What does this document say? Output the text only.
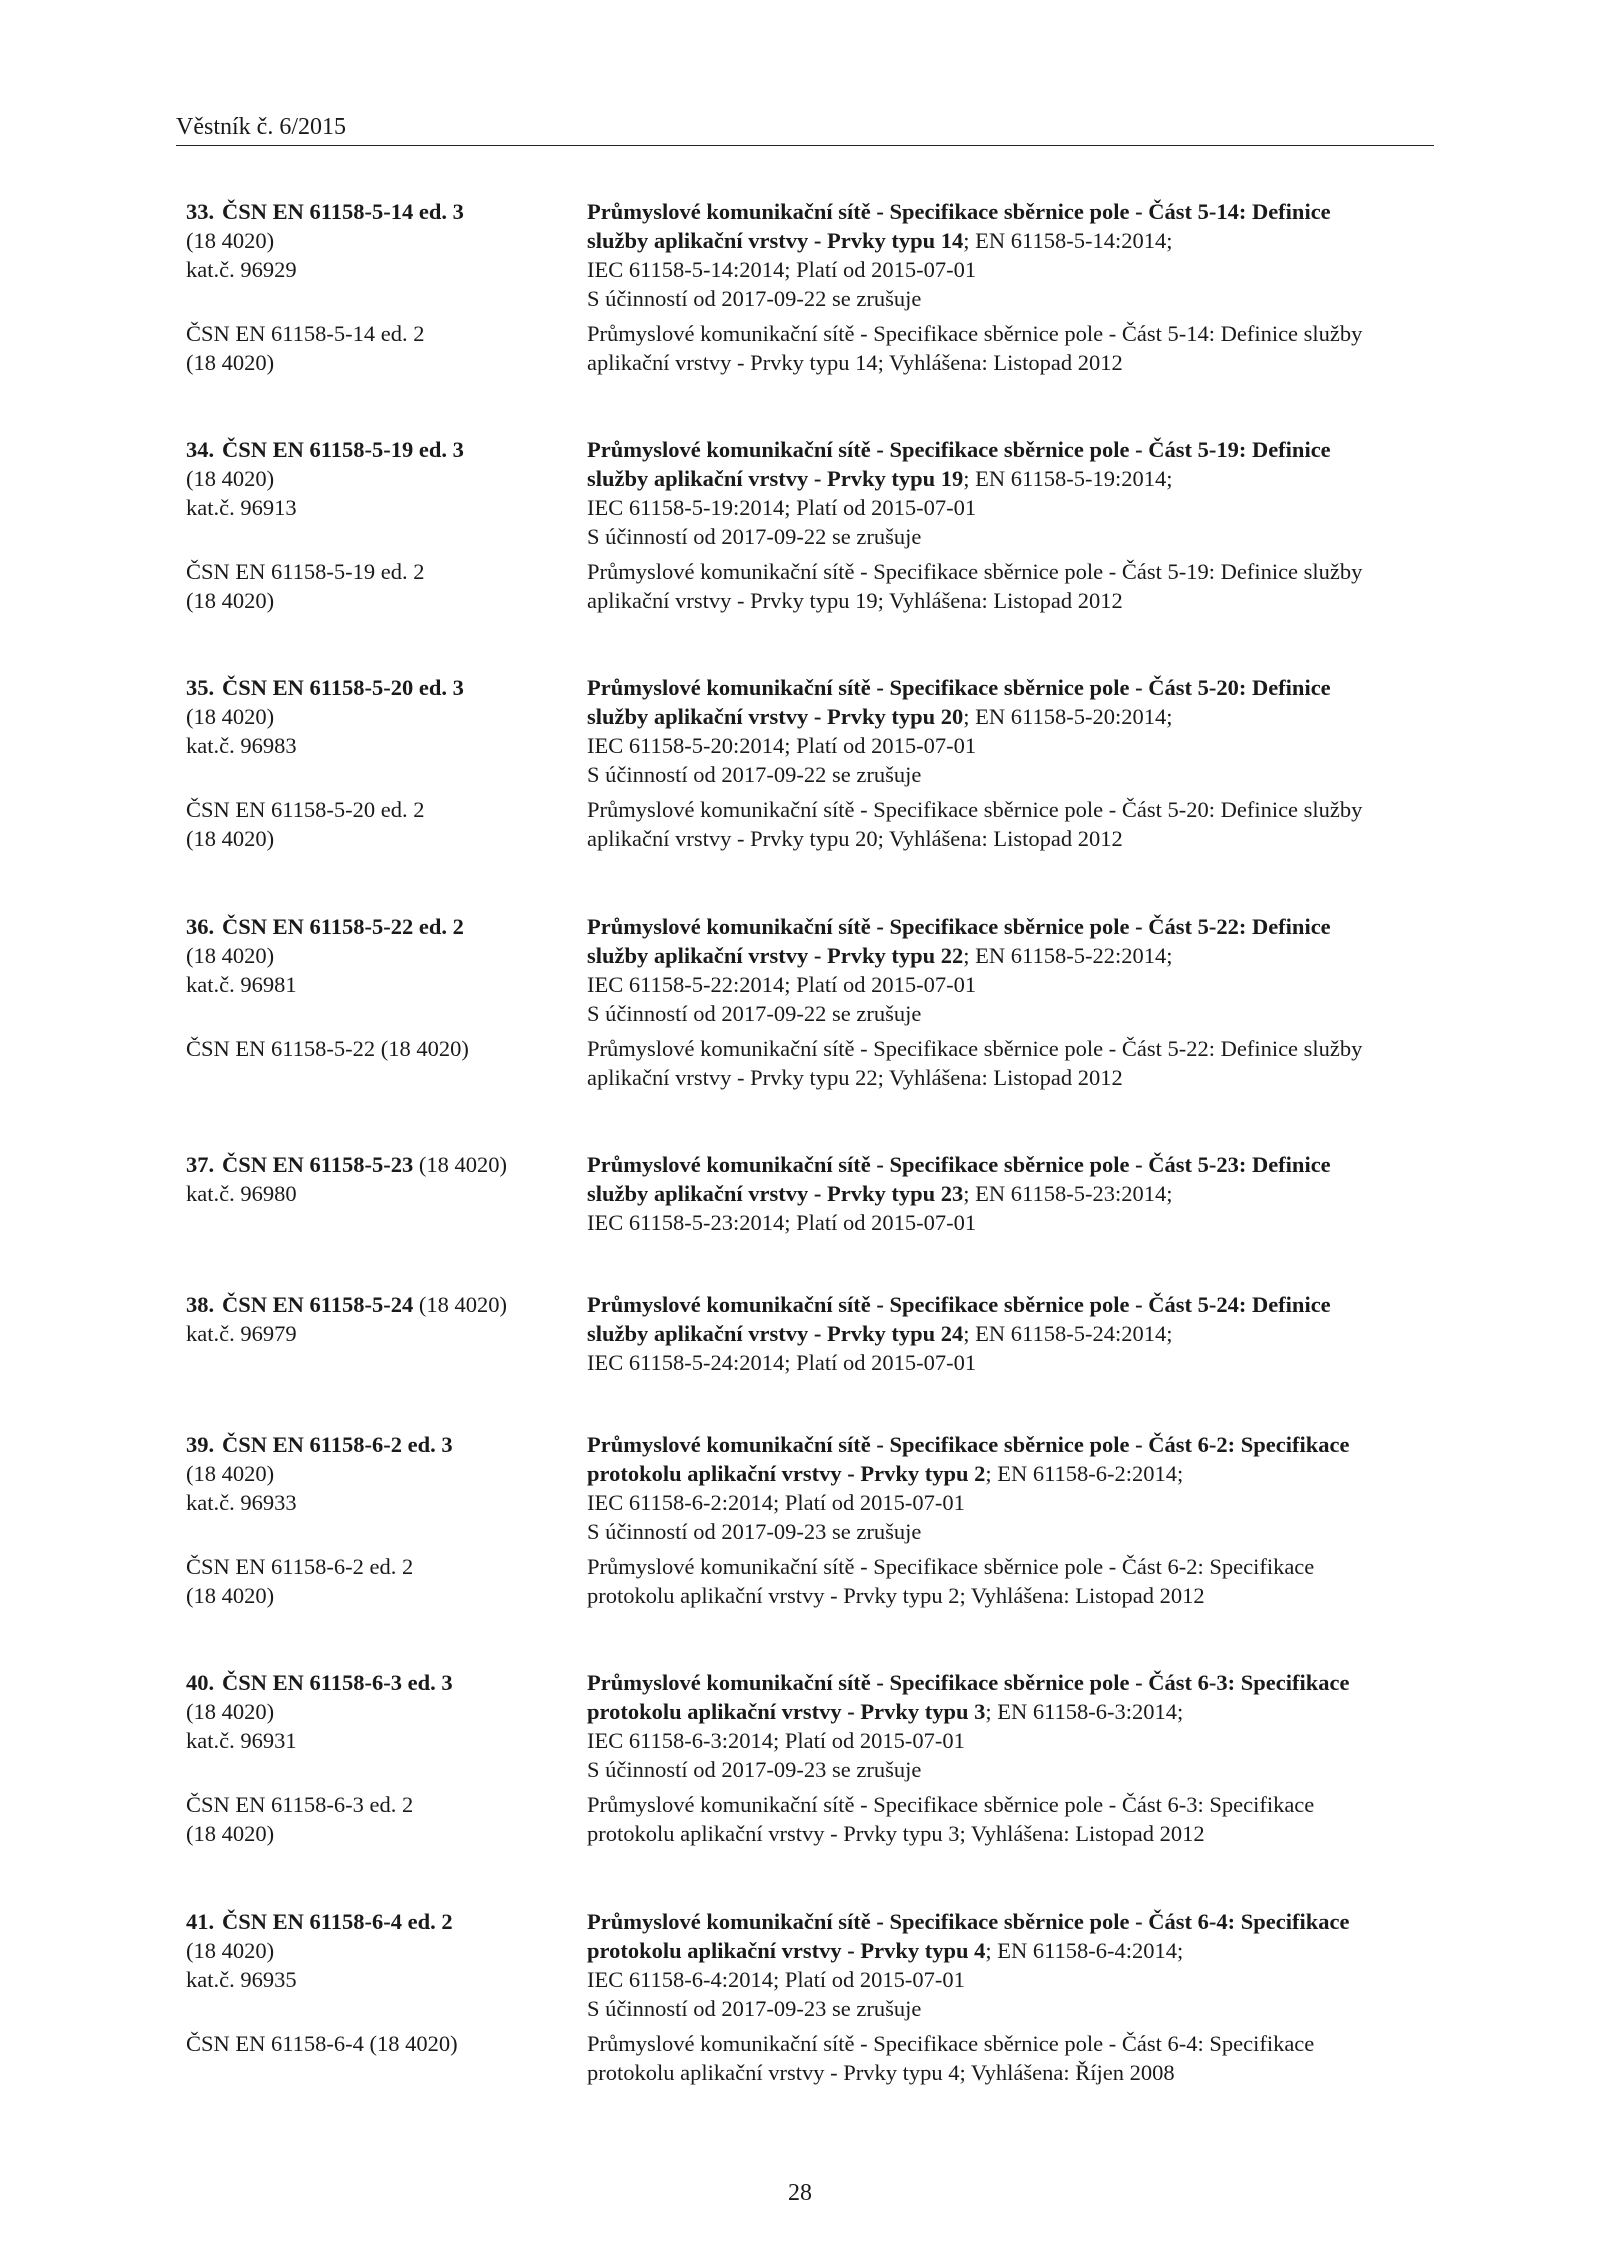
Věstník č. 6/2015
33. ČSN EN 61158-5-14 ed. 3
(18 4020)
kat.č. 96929
Průmyslové komunikační sítě - Specifikace sběrnice pole - Část 5-14: Definice
služby aplikační vrstvy - Prvky typu 14; EN 61158-5-14:2014;
IEC 61158-5-14:2014; Platí od 2015-07-01
S účinností od 2017-09-22 se zrušuje
ČSN EN 61158-5-14 ed. 2
(18 4020)
Průmyslové komunikační sítě - Specifikace sběrnice pole - Část 5-14: Definice služby
aplikační vrstvy - Prvky typu 14; Vyhlášena: Listopad 2012
34. ČSN EN 61158-5-19 ed. 3
(18 4020)
kat.č. 96913
Průmyslové komunikační sítě - Specifikace sběrnice pole - Část 5-19: Definice
služby aplikační vrstvy - Prvky typu 19; EN 61158-5-19:2014;
IEC 61158-5-19:2014; Platí od 2015-07-01
S účinností od 2017-09-22 se zrušuje
ČSN EN 61158-5-19 ed. 2
(18 4020)
Průmyslové komunikační sítě - Specifikace sběrnice pole - Část 5-19: Definice služby
aplikační vrstvy - Prvky typu 19; Vyhlášena: Listopad 2012
35. ČSN EN 61158-5-20 ed. 3
(18 4020)
kat.č. 96983
Průmyslové komunikační sítě - Specifikace sběrnice pole - Část 5-20: Definice
služby aplikační vrstvy - Prvky typu 20; EN 61158-5-20:2014;
IEC 61158-5-20:2014; Platí od 2015-07-01
S účinností od 2017-09-22 se zrušuje
ČSN EN 61158-5-20 ed. 2
(18 4020)
Průmyslové komunikační sítě - Specifikace sběrnice pole - Část 5-20: Definice služby
aplikační vrstvy - Prvky typu 20; Vyhlášena: Listopad 2012
36. ČSN EN 61158-5-22 ed. 2
(18 4020)
kat.č. 96981
Průmyslové komunikační sítě - Specifikace sběrnice pole - Část 5-22: Definice
služby aplikační vrstvy - Prvky typu 22; EN 61158-5-22:2014;
IEC 61158-5-22:2014; Platí od 2015-07-01
S účinností od 2017-09-22 se zrušuje
ČSN EN 61158-5-22 (18 4020)	Průmyslové komunikační sítě - Specifikace sběrnice pole - Část 5-22: Definice služby
aplikační vrstvy - Prvky typu 22; Vyhlášena: Listopad 2012
37. ČSN EN 61158-5-23 (18 4020)
kat.č. 96980
Průmyslové komunikační sítě - Specifikace sběrnice pole - Část 5-23: Definice
služby aplikační vrstvy - Prvky typu 23; EN 61158-5-23:2014;
IEC 61158-5-23:2014; Platí od 2015-07-01
38. ČSN EN 61158-5-24 (18 4020)
kat.č. 96979
Průmyslové komunikační sítě - Specifikace sběrnice pole - Část 5-24: Definice
služby aplikační vrstvy - Prvky typu 24; EN 61158-5-24:2014;
IEC 61158-5-24:2014; Platí od 2015-07-01
39. ČSN EN 61158-6-2 ed. 3
(18 4020)
kat.č. 96933
Průmyslové komunikační sítě - Specifikace sběrnice pole - Část 6-2: Specifikace
protokolu aplikační vrstvy - Prvky typu 2; EN 61158-6-2:2014;
IEC 61158-6-2:2014; Platí od 2015-07-01
S účinností od 2017-09-23 se zrušuje
ČSN EN 61158-6-2 ed. 2
(18 4020)
Průmyslové komunikační sítě - Specifikace sběrnice pole - Část 6-2: Specifikace
protokolu aplikační vrstvy - Prvky typu 2; Vyhlášena: Listopad 2012
40. ČSN EN 61158-6-3 ed. 3
(18 4020)
kat.č. 96931
Průmyslové komunikační sítě - Specifikace sběrnice pole - Část 6-3: Specifikace
protokolu aplikační vrstvy - Prvky typu 3; EN 61158-6-3:2014;
IEC 61158-6-3:2014; Platí od 2015-07-01
S účinností od 2017-09-23 se zrušuje
ČSN EN 61158-6-3 ed. 2
(18 4020)
Průmyslové komunikační sítě - Specifikace sběrnice pole - Část 6-3: Specifikace
protokolu aplikační vrstvy - Prvky typu 3; Vyhlášena: Listopad 2012
41. ČSN EN 61158-6-4 ed. 2
(18 4020)
kat.č. 96935
Průmyslové komunikační sítě - Specifikace sběrnice pole - Část 6-4: Specifikace
protokolu aplikační vrstvy - Prvky typu 4; EN 61158-6-4:2014;
IEC 61158-6-4:2014; Platí od 2015-07-01
S účinností od 2017-09-23 se zrušuje
ČSN EN 61158-6-4 (18 4020)	Průmyslové komunikační sítě - Specifikace sběrnice pole - Část 6-4: Specifikace
protokolu aplikační vrstvy - Prvky typu 4; Vyhlášena: Říjen 2008
28
